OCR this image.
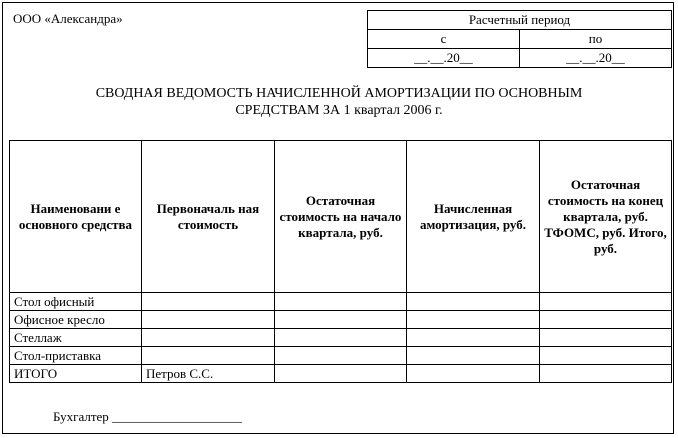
ООО «Александра»	Расчетный период	
с	по
__.__.20__	__.__.20__
СВОДНАЯ ВЕДОМОСТЬ НАЧИСЛЕННОЙ АМОРТИЗАЦИИ ПО ОСНОВНЫМ
СРЕДСТВАМ ЗА 1 квартал 2006 г.
Наименовани е основного средства	Первоначаль ная стоимость	Остаточная стоимость на начало квартала, руб.	Начисленная амортизация, руб.	Остаточная стоимость на конец квартала, руб. ТФОМС, руб. Итого, руб.
Стол офисный				
Офисное кресло				
Стеллаж				
Стол-приставка				
ИТОГО	Петров С.С.			
Бухгалтер ____________________
